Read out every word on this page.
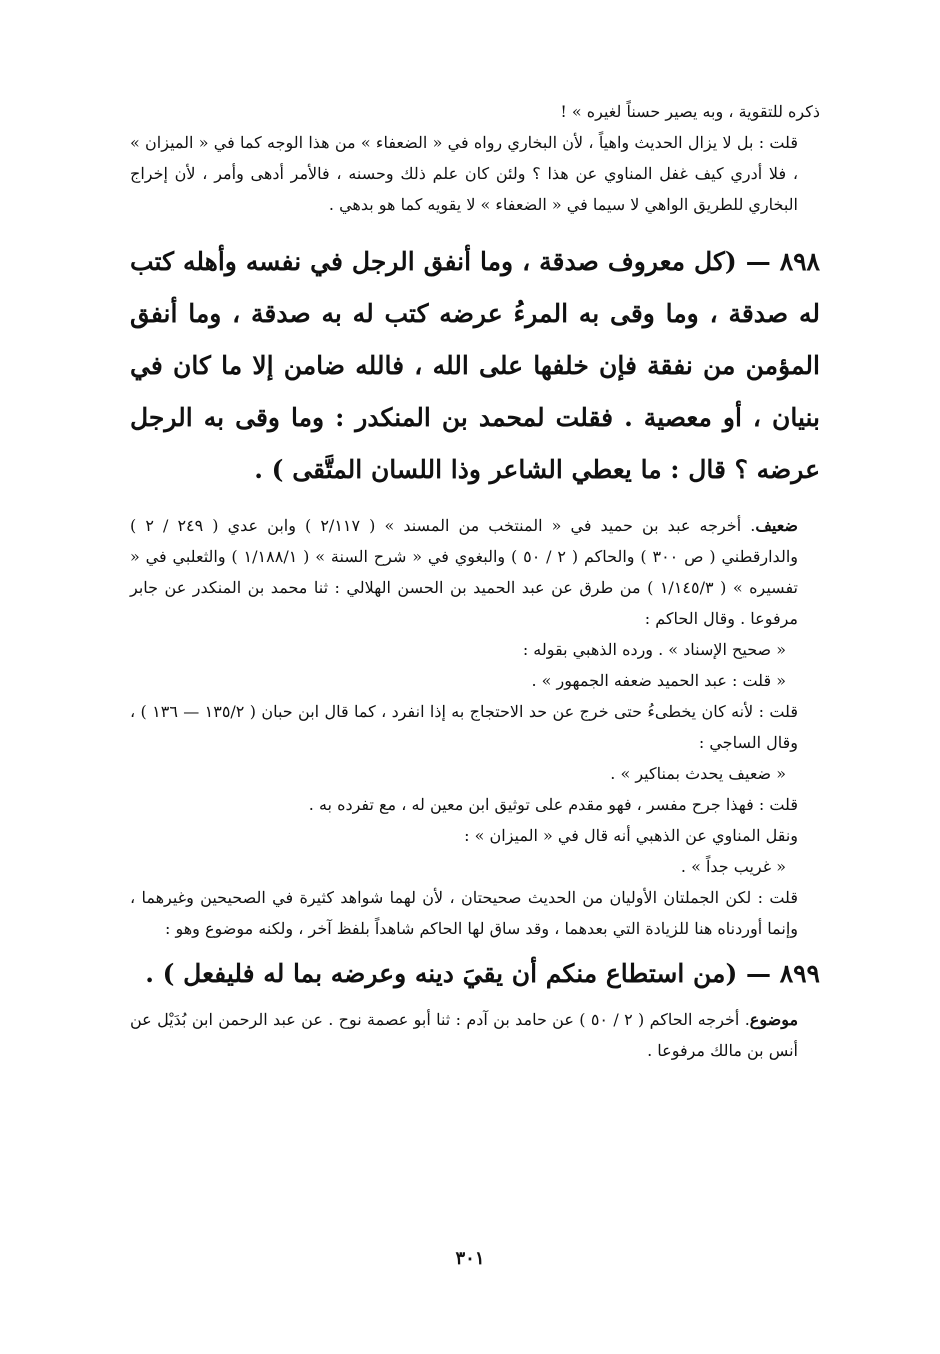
ذكره للتقوية ، وبه يصير حسناً لغيره » !

قلت : بل لا يزال الحديث واهياً ، لأن البخاري رواه في « الضعفاء » من هذا الوجه كما في « الميزان » ، فلا أدري كيف غفل المناوي عن هذا ؟ ولئن كان علم ذلك وحسنه ، فالأمر أدهى وأمر ، لأن إخراج البخاري للطريق الواهي لا سيما في « الضعفاء » لا يقويه كما هو بدهي .

٨٩٨ — (كل معروف صدقة ، وما أنفق الرجل في نفسه وأهله كتب له صدقة ، وما وقى به المرءُ عرضه كتب له به صدقة ، وما أنفق المؤمن من نفقة فإن خلفها على الله ، فالله ضامن إلا ما كان في بنيان ، أو معصية . فقلت لمحمد بن المنكدر : وما وقى به الرجل عرضه ؟ قال : ما يعطي الشاعر وذا اللسان المتَّقى ) .

ضعيف. أخرجه عبد بن حميد في « المنتخب من المسند » ( ٢/١١٧ ) وابن عدي ( ٢٤٩ / ٢ ) والدارقطني ( ص ٣٠٠ ) والحاكم ( ٢ / ٥٠ ) والبغوي في « شرح السنة » ( ١/١٨٨/١ ) والثعلبي في « تفسيره » ( ١/١٤٥/٣ ) من طرق عن عبد الحميد بن الحسن الهلالي : ثنا محمد بن المنكدر عن جابر مرفوعا . وقال الحاكم :

« صحيح الإسناد » . ورده الذهبي بقوله :

« قلت : عبد الحميد ضعفه الجمهور » .

قلت : لأنه كان يخطىءُ حتى خرج عن حد الاحتجاج به إذا انفرد ، كما قال ابن حبان ( ١٣٥/٢ — ١٣٦ ) ، وقال الساجي :

« ضعيف يحدث بمناكير » .

قلت : فهذا جرح مفسر ، فهو مقدم على توثيق ابن معين له ، مع تفرده به .

ونقل المناوي عن الذهبي أنه قال في « الميزان » :

« غريب جداً » .

قلت : لكن الجملتان الأوليان من الحديث صحيحتان ، لأن لهما شواهد كثيرة في الصحيحين وغيرهما ، وإنما أوردناه هنا للزيادة التي بعدهما ، وقد ساق لها الحاكم شاهداً بلفظ آخر ، ولكنه موضوع وهو :

٨٩٩ — (من استطاع منكم أن يقيَ دينه وعرضه بما له فليفعل ) .

موضوع. أخرجه الحاكم ( ٢ / ٥٠ ) عن حامد بن آدم : ثنا أبو عصمة نوح . عن عبد الرحمن ابن بُدَيْل عن أنس بن مالك مرفوعا .

٣٠١
